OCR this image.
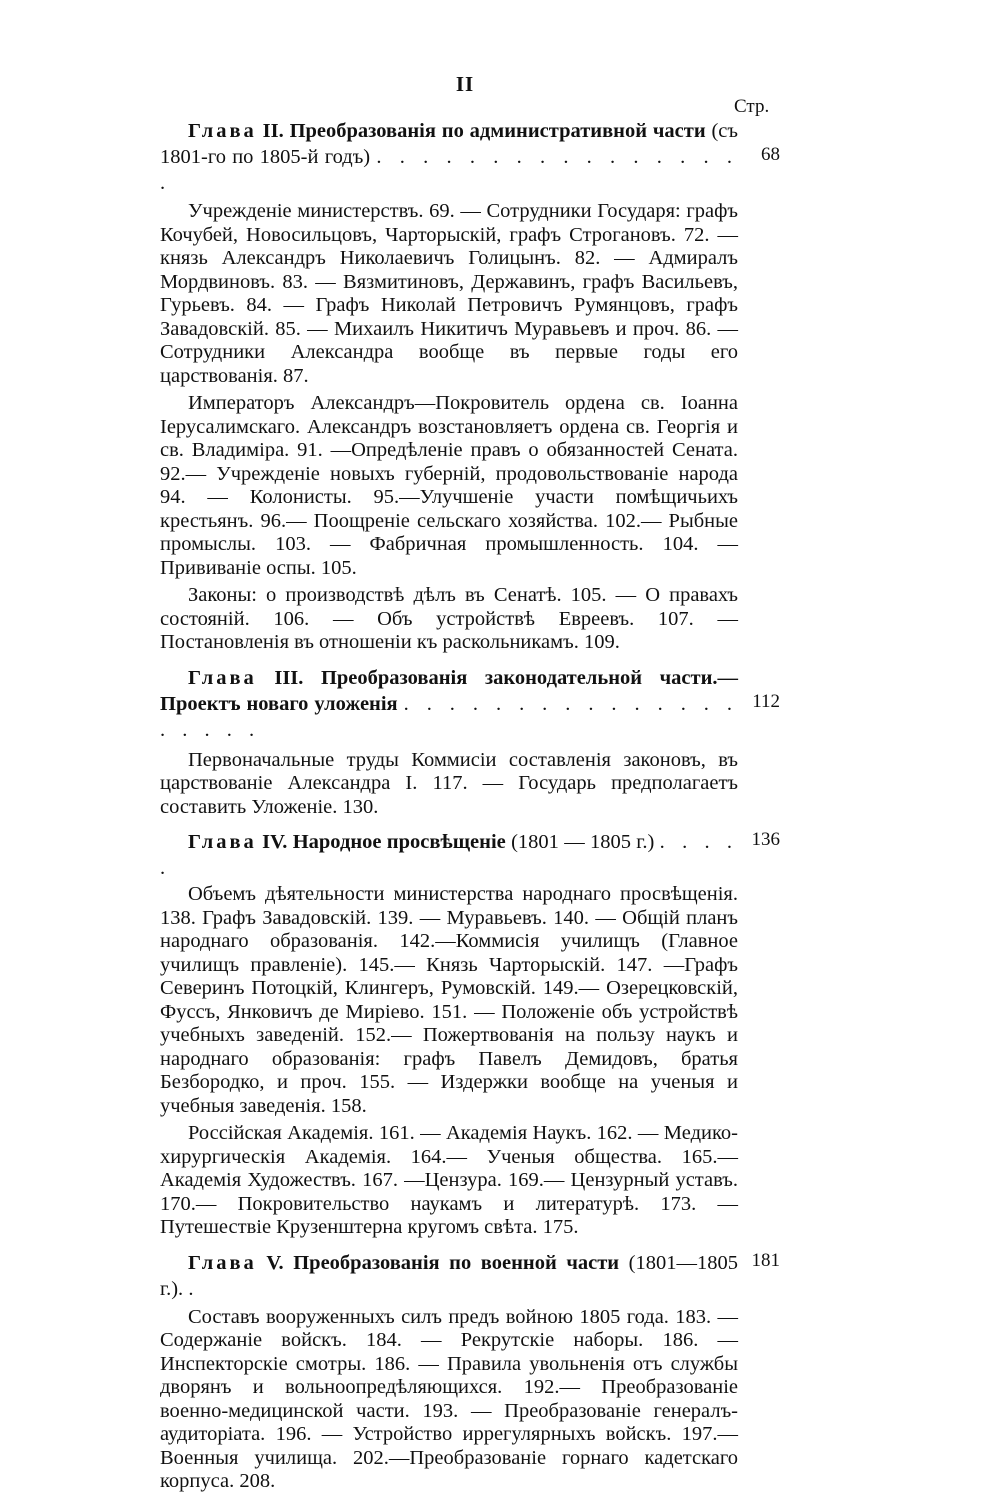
II
Стр.

Глава II. Преобразованія по административной части (съ 1801-го по 1805-й годъ) . . . . . . . . . . . . . . . . .

68

Учрежденіе министерствъ. 69. — Сотрудники Государя: графъ Кочубей, Новосильцовъ, Чарторыскій, графъ Строгановъ. 72. — князь Александръ Николаевичъ Голицынъ. 82. — Адмиралъ Мордвиновъ. 83. — Вязмитиновъ, Державинъ, графъ Васильевъ, Гурьевъ. 84. — Графъ Николай Петровичъ Румянцовъ, графъ Завадовскій. 85. — Михаилъ Никитичъ Муравьевъ и проч. 86. — Сотрудники Александра вообще въ первые годы его царствованія. 87.

Императоръ Александръ—Покровитель ордена св. Іоанна Іерусалимскаго. Александръ возстановляетъ ордена св. Георгія и св. Владиміра. 91. —Опредѣленіе правъ о обязанностей Сената. 92.— Учрежденіе новыхъ губерній, продовольствованіе народа 94. — Колонисты. 95.—Улучшеніе участи помѣщичьихъ крестьянъ. 96.— Поощреніе сельскаго хозяйства. 102.— Рыбные промыслы. 103. — Фабричная промышленность. 104. — Прививаніе оспы. 105.

Законы: о производствѣ дѣлъ въ Сенатѣ. 105. — О правахъ состояній. 106. — Объ устройствѣ Евреевъ. 107. — Постановленія въ отношеніи къ раскольникамъ. 109.

Глава III. Преобразованія законодательной части.—Проектъ новаго уложенія . . . . . . . . . . . . . . . . . . . .

112

Первоначальные труды Коммисіи составленія законовъ, въ царствованіе Александра І. 117. — Государь предполагаетъ составить Уложеніе. 130.

Глава IV. Народное просвѣщеніе (1801 — 1805 г.) . . . . .

136

Объемъ дѣятельности министерства народнаго просвѣщенія. 138. Графъ Завадовскій. 139. — Муравьевъ. 140. — Общій планъ народнаго образованія. 142.—Коммисія училищъ (Главное училищъ правленіе). 145.— Князь Чарторыскій. 147. —Графъ Северинъ Потоцкій, Клингеръ, Румовскій. 149.— Озерецковскій, Фуссъ, Янковичъ де Миріево. 151. — Положеніе объ устройствѣ учебныхъ заведеній. 152.— Пожертвованія на пользу наукъ и народнаго образованія: графъ Павелъ Демидовъ, братья Безбородко, и проч. 155. — Издержки вообще на ученыя и учебныя заведенія. 158.

Россійская Академія. 161. — Академія Наукъ. 162. — Медико-хирургическія Академія. 164.— Ученыя общества. 165.— Академія Художествъ. 167. —Цензура. 169.— Цензурный уставъ. 170.— Покровительство наукамъ и литературѣ. 173. — Путешествіе Крузенштерна кругомъ свѣта. 175.

Глава V. Преобразованія по военной части (1801—1805 г.). .

181

Составъ вооруженныхъ силъ предъ войною 1805 года. 183. — Содержаніе войскъ. 184. — Рекрутскіе наборы. 186. — Инспекторскіе смотры. 186. — Правила увольненія отъ службы дворянъ и вольноопредѣляющихся. 192.— Преобразованіе военно-медицинской части. 193. — Преобразованіе генералъ-аудиторіата. 196. — Устройство иррегулярныхъ войскъ. 197.— Военныя училища. 202.—Преобразованіе горнаго кадетскаго корпуса. 208.
